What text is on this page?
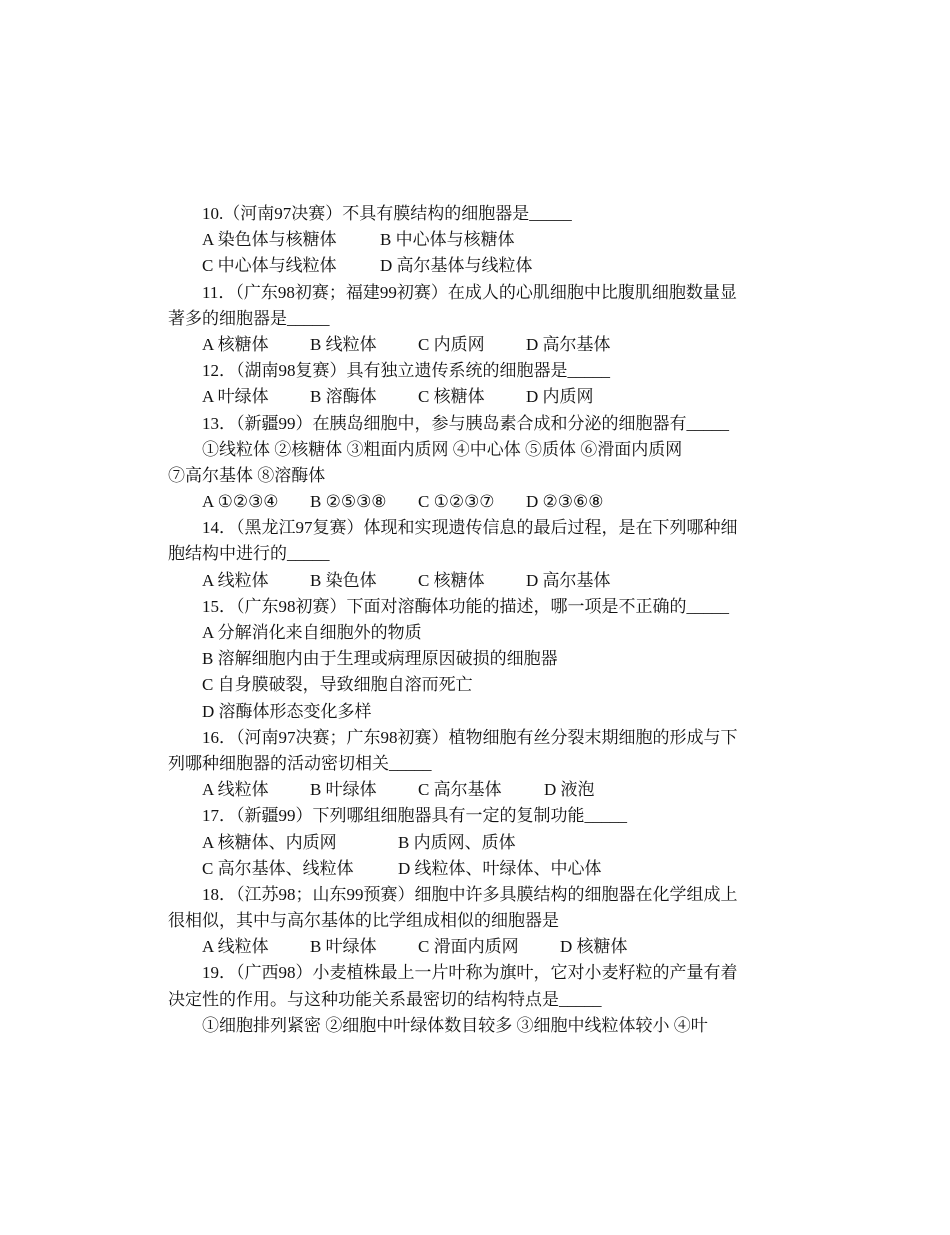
10.（河南97决赛）不具有膜结构的细胞器是_____
A 染色体与核糖体	B 中心体与核糖体
C 中心体与线粒体	D 高尔基体与线粒体
11．（广东98初赛；福建99初赛）在成人的心肌细胞中比腹肌细胞数量显
著多的细胞器是_____
A 核糖体 B 线粒体 C 内质网 D 高尔基体
12．（湖南98复赛）具有独立遗传系统的细胞器是_____
A 叶绿体 B 溶酶体 C 核糖体 D 内质网
13．（新疆99）在胰岛细胞中，参与胰岛素合成和分泌的细胞器有_____
①线粒体 ②核糖体 ③粗面内质网 ④中心体 ⑤质体 ⑥滑面内质网
⑦高尔基体 ⑧溶酶体
A ①②③④ B ②⑤③⑧ C ①②③⑦ D ②③⑥⑧
14．（黑龙江97复赛）体现和实现遗传信息的最后过程，是在下列哪种细
胞结构中进行的_____
A 线粒体 B 染色体 C 核糖体 D 高尔基体
15．（广东98初赛）下面对溶酶体功能的描述，哪一项是不正确的_____
A 分解消化来自细胞外的物质
B 溶解细胞内由于生理或病理原因破损的细胞器
C 自身膜破裂，导致细胞自溶而死亡
D 溶酶体形态变化多样
16．（河南97决赛；广东98初赛）植物细胞有丝分裂末期细胞的形成与下
列哪种细胞器的活动密切相关_____
A 线粒体 B 叶绿体 C 高尔基体 D 液泡
17．（新疆99）下列哪组细胞器具有一定的复制功能_____
A 核糖体、内质网	B 内质网、质体
C 高尔基体、线粒体	D 线粒体、叶绿体、中心体
18．（江苏98；山东99预赛）细胞中许多具膜结构的细胞器在化学组成上
很相似，其中与高尔基体的比学组成相似的细胞器是
A 线粒体 B 叶绿体 C 滑面内质网 D 核糖体
19．（广西98）小麦植株最上一片叶称为旗叶，它对小麦籽粒的产量有着
决定性的作用。与这种功能关系最密切的结构特点是_____
①细胞排列紧密 ②细胞中叶绿体数目较多 ③细胞中线粒体较小 ④叶
